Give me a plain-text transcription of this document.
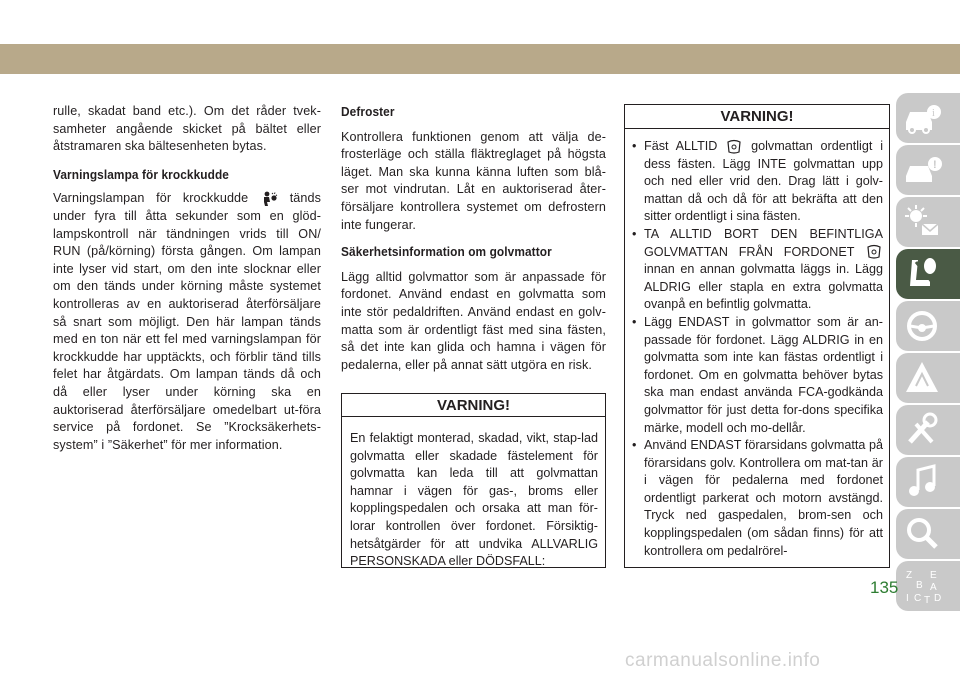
rulle, skadat band etc.). Om det råder tvek-samheter angående skicket på bältet eller åtstramaren ska bältesenheten bytas.

Varningslampa för krockkudde

Varningslampan för krockkudde	tänds under fyra till åtta sekunder som en glöd-lampskontroll när tändningen vrids till ON/ RUN (på/körning) första gången. Om lampan inte lyser vid start, om den inte slocknar eller om den tänds under körning måste systemet kontrolleras av en auktoriserad återförsäljare så snart som möjligt. Den här lampan tänds med en ton när ett fel med varningslampan för krockkudde har upptäckts, och förblir tänd tills felet har åtgärdats. Om lampan tänds då och då eller lyser under körning ska en auktoriserad återförsäljare omedelbart ut-föra service på fordonet. Se ”Krocksäkerhets-system” i ”Säkerhet” för mer information.

Defroster

Kontrollera funktionen genom att välja de-frosterläge och ställa fläktreglaget på högsta läget. Man ska kunna känna luften som blå-ser mot vindrutan. Låt en auktoriserad åter-försäljare kontrollera systemet om defrostern inte fungerar.

Säkerhetsinformation om golvmattor

Lägg alltid golvmattor som är anpassade för fordonet. Använd endast en golvmatta som inte stör pedaldriften. Använd endast en golv-matta som är ordentligt fäst med sina fästen, så det inte kan glida och hamna i vägen för pedalerna, eller på annat sätt utgöra en risk.

VARNING!

En felaktigt monterad, skadad, vikt, stap-lad golvmatta eller skadade fästelement för golvmatta kan leda till att golvmattan hamnar i vägen för gas-, broms eller kopplingspedalen och orsaka att man för-lorar kontrollen över fordonet. Försiktig-hetsåtgärder för att undvika ALLVARLIG PERSONSKADA eller DÖDSFALL:

VARNING!
• Fäst ALLTID	golvmattan ordentligt i dess fästen. Lägg INTE golvmattan upp och ned eller vrid den. Drag lätt i golv-mattan då och då för att bekräfta att den sitter ordentligt i sina fästen.
• TA ALLTID BORT DEN BEFINTLIGA GOLVMATTAN FRÅN FORDONET  innan en annan golvmatta läggs in. Lägg ALDRIG eller stapla en extra golvmatta ovanpå en befintlig golvmatta.
• Lägg ENDAST in golvmattor som är an-passade för fordonet. Lägg ALDRIG in en golvmatta som inte kan fästas ordentligt i fordonet. Om en golvmatta behöver bytas ska man endast använda FCA-godkända golvmattor för just detta for-dons specifika märke, modell och mo-dellår.
• Använd ENDAST förarsidans golvmatta på förarsidans golv. Kontrollera om mat-tan är i vägen för pedalerna med fordonet ordentligt parkerat och motorn avstängd. Tryck ned gaspedalen, brom-sen och kopplingspedalen (om sådan finns) för att kontrollera om pedalrörel-
i
!
Z E
B A
D
I C T
135
carmanualsonline.info
